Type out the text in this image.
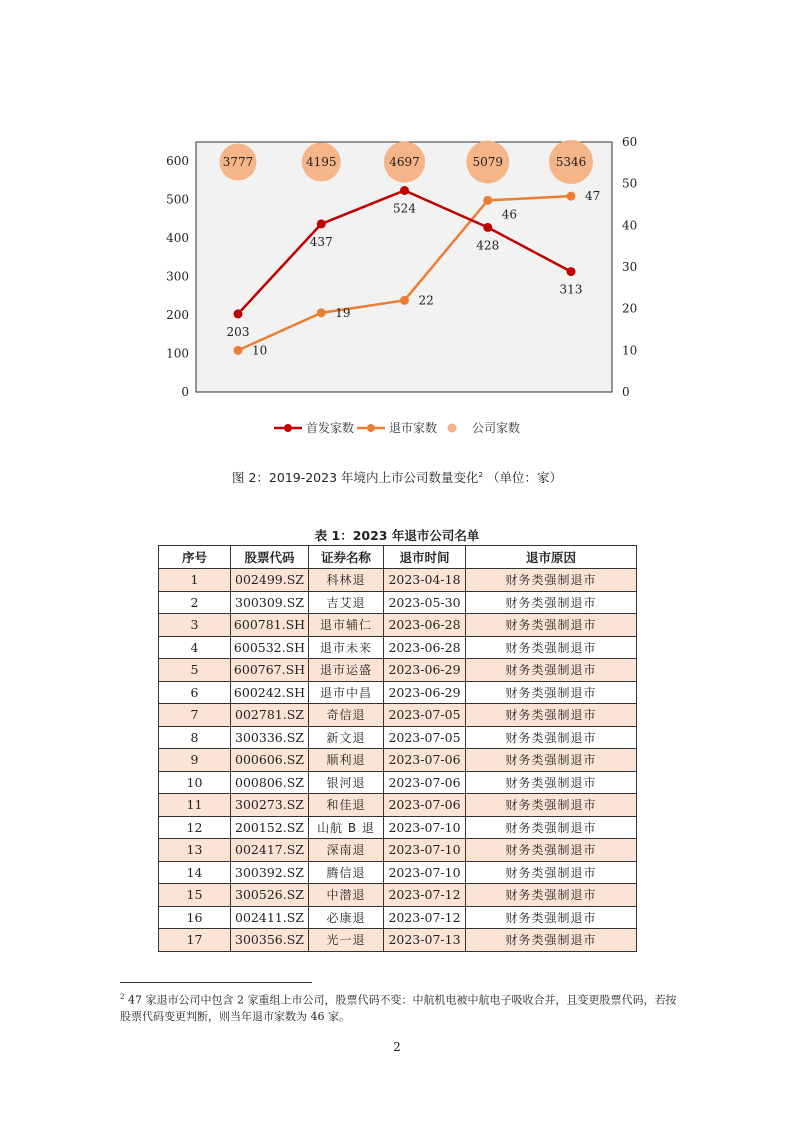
0
100
200
300
400
500
600
0
10
20
30
40
50
60
3777	4195	4697	5079	5346
203
437
524
428
313
10
19
22
46
47
首发家数	退市家数	公司家数
图 2：2019-2023 年境内上市公司数量变化$^2$ （单位：家）
表 1：2023 年退市公司名单
序号	股票代码	证券名称	退市时间	退市原因
1	002499.SZ	科林退	2023-04-18	财务类强制退市
2	300309.SZ	吉艾退	2023-05-30	财务类强制退市
3	600781.SH	退市辅仁	2023-06-28	财务类强制退市
4	600532.SH	退市未来	2023-06-28	财务类强制退市
5	600767.SH	退市运盛	2023-06-29	财务类强制退市
6	600242.SH	退市中昌	2023-06-29	财务类强制退市
7	002781.SZ	奇信退	2023-07-05	财务类强制退市
8	300336.SZ	新文退	2023-07-05	财务类强制退市
9	000606.SZ	顺利退	2023-07-06	财务类强制退市
10	000806.SZ	银河退	2023-07-06	财务类强制退市
11	300273.SZ	和佳退	2023-07-06	财务类强制退市
12	200152.SZ	山航 B 退	2023-07-10	财务类强制退市
13	002417.SZ	深南退	2023-07-10	财务类强制退市
14	300392.SZ	腾信退	2023-07-10	财务类强制退市
15	300526.SZ	中潜退	2023-07-12	财务类强制退市
16	002411.SZ	必康退	2023-07-12	财务类强制退市
17	300356.SZ	光一退	2023-07-13	财务类强制退市
$^2$ 47 家退市公司中包含 2 家重组上市公司，股票代码不变：中航机电被中航电子吸收合并，且变更股票代码，若按股票代码变更判断，则当年退市家数为 46 家。
2
